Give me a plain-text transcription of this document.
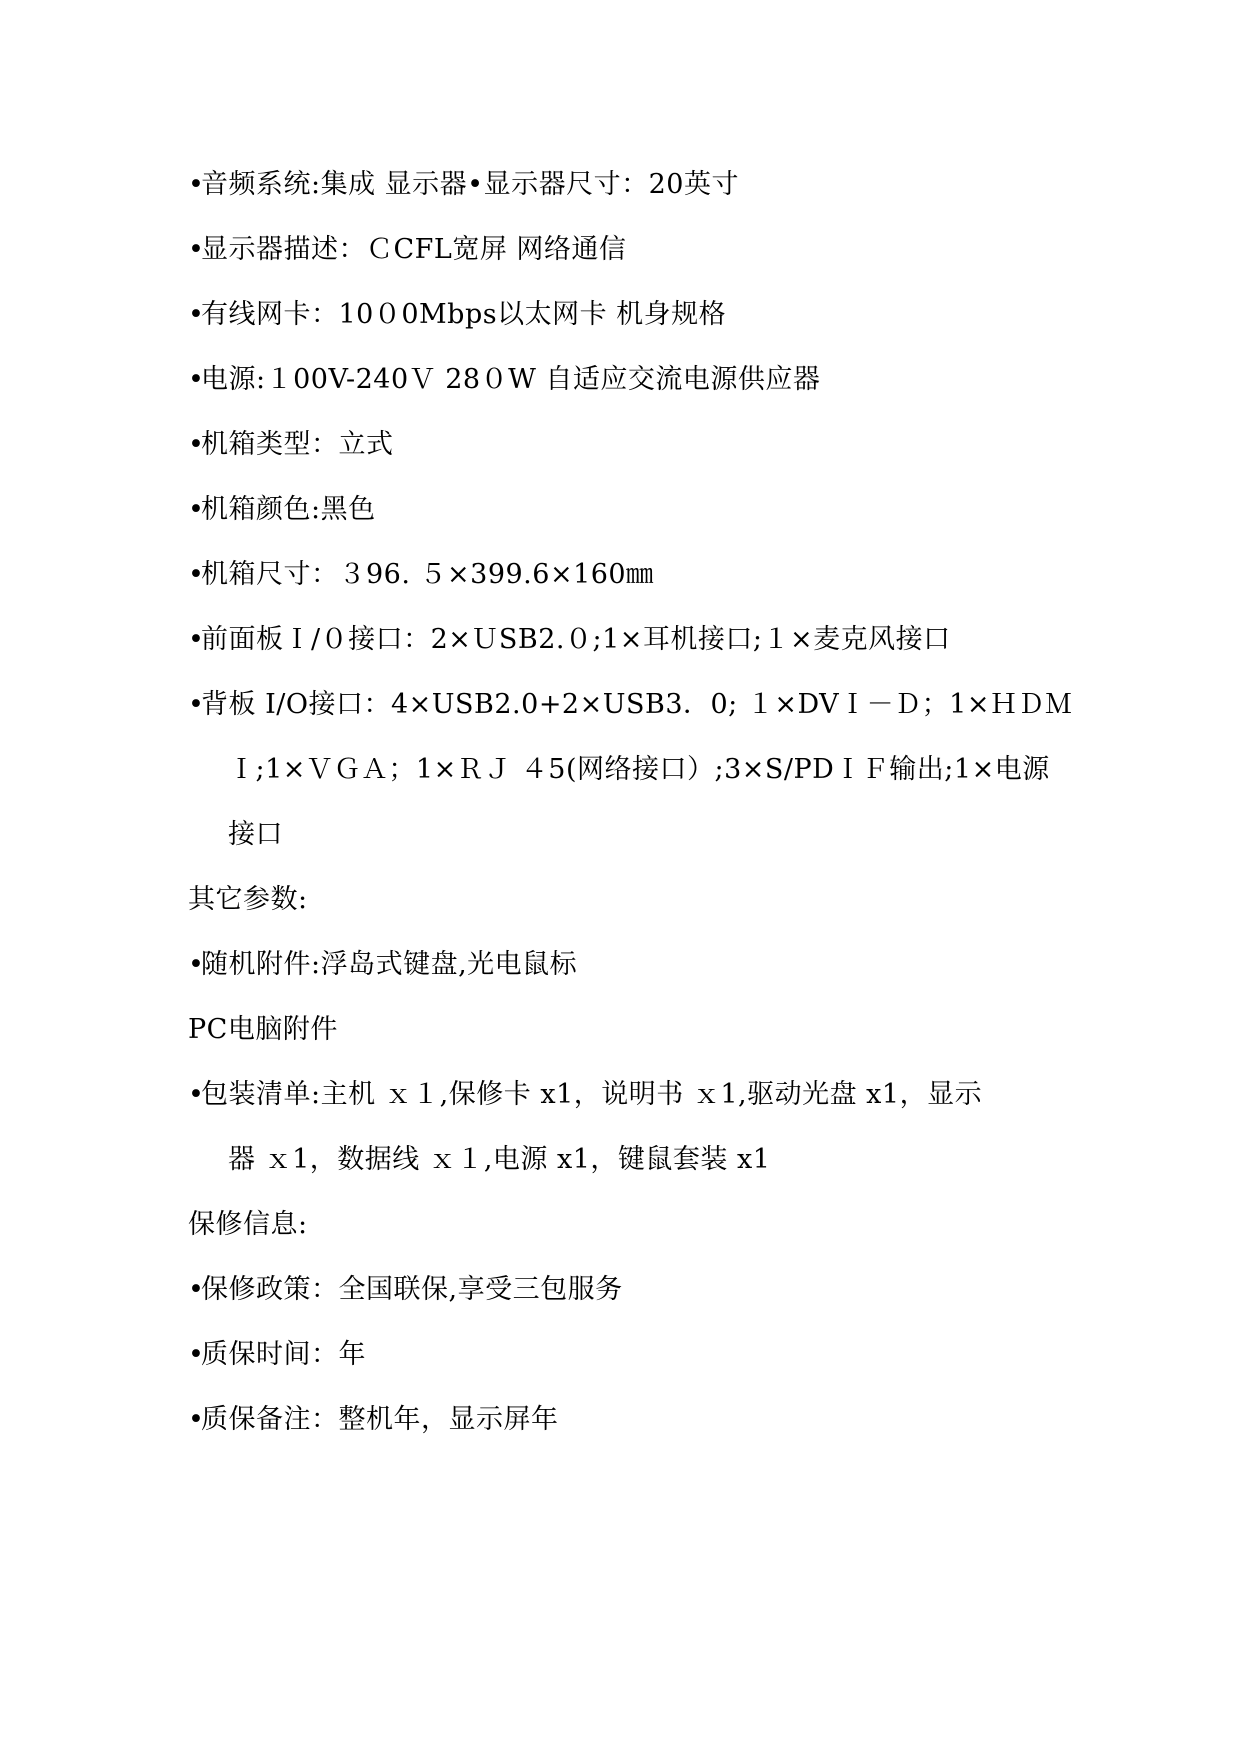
•音频系统:集成 显示器•显示器尺寸：20英寸
•显示器描述：ＣCFL宽屏 网络通信
•有线网卡：10０0Mbps以太网卡 机身规格
•电源:１00V-240Ｖ 28０W 自适应交流电源供应器
•机箱类型：立式
•机箱颜色:黑色
•机箱尺寸：３96. ５×399.6×160㎜
•前面板Ｉ/０接口：2×ＵSB2.０;1×耳机接口;１×麦克风接口
•背板 I/O接口：4×USB2.0+2×USB3．0; １×DVＩ－Ｄ；1×ＨＤＭ
Ｉ;1×ＶＧＡ；1×ＲＪ ４5(网络接口）;3×S/PDＩＦ输出;1×电源
接口
其它参数:
•随机附件:浮岛式键盘,光电鼠标
PC电脑附件
•包装清单:主机 ｘ１,保修卡 x1，说明书 ｘ1,驱动光盘 x1，显示
器 ｘ1，数据线 ｘ１,电源 x1，键鼠套装 x1
保修信息:
•保修政策：全国联保,享受三包服务
•质保时间：年
•质保备注：整机年，显示屏年
